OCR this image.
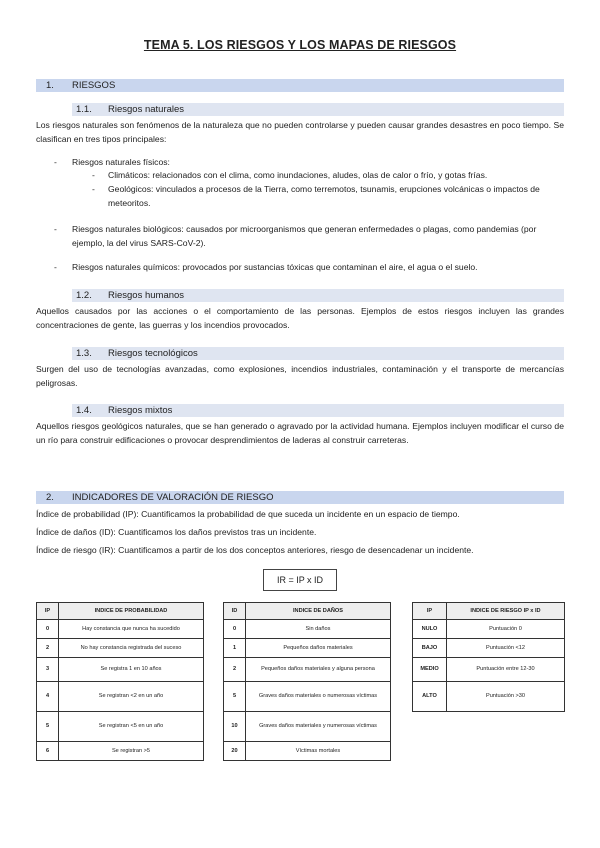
TEMA 5. LOS RIESGOS Y LOS MAPAS DE RIESGOS
1. RIESGOS
1.1. Riesgos naturales
Los riesgos naturales son fenómenos de la naturaleza que no pueden controlarse y pueden causar grandes desastres en poco tiempo. Se clasifican en tres tipos principales:
- Riesgos naturales físicos:
- Climáticos: relacionados con el clima, como inundaciones, aludes, olas de calor o frío, y gotas frías.
- Geológicos: vinculados a procesos de la Tierra, como terremotos, tsunamis, erupciones volcánicas o impactos de meteoritos.
- Riesgos naturales biológicos: causados por microorganismos que generan enfermedades o plagas, como pandemias (por ejemplo, la del virus SARS-CoV-2).
- Riesgos naturales químicos: provocados por sustancias tóxicas que contaminan el aire, el agua o el suelo.
1.2. Riesgos humanos
Aquellos causados por las acciones o el comportamiento de las personas. Ejemplos de estos riesgos incluyen las grandes concentraciones de gente, las guerras y los incendios provocados.
1.3. Riesgos tecnológicos
Surgen del uso de tecnologías avanzadas, como explosiones, incendios industriales, contaminación y el transporte de mercancías peligrosas.
1.4. Riesgos mixtos
Aquellos riesgos geológicos naturales, que se han generado o agravado por la actividad humana. Ejemplos incluyen modificar el curso de un río para construir edificaciones o provocar desprendimientos de laderas al construir carreteras.
2. INDICADORES DE VALORACIÓN DE RIESGO
Índice de probabilidad (IP): Cuantificamos la probabilidad de que suceda un incidente en un espacio de tiempo.
Índice de daños (ID): Cuantificamos los daños previstos tras un incidente.
Índice de riesgo (IR): Cuantificamos a partir de los dos conceptos anteriores, riesgo de desencadenar un incidente.
IR = IP x ID
IP	INDICE DE PROBABILIDAD
0	Hay constancia que nunca ha sucedido
2	No hay constancia registrada del suceso
3	Se registra 1 en 10 años
4	Se registran <2 en un año
5	Se registran <5 en un año
6	Se registran >5
ID	INDICE DE DAÑOS
0	Sin daños
1	Pequeños daños materiales
2	Pequeños daños materiales y alguna persona
5	Graves daños materiales o numerosas víctimas
10	Graves daños materiales y numerosas víctimas
20	Víctimas mortales
IP	INDICE DE RIESGO IP x ID
NULO	Puntuación 0
BAJO	Puntuación <12
MEDIO	Puntuación entre 12-30
ALTO	Puntuación >30
